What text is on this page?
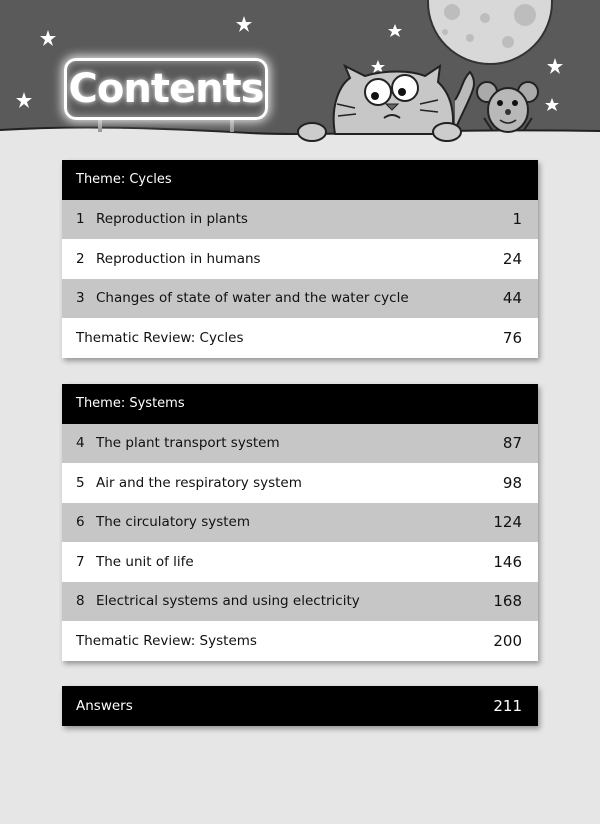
Contents
Theme: Cycles
1 Reproduction in plants	1
2 Reproduction in humans	24
3 Changes of state of water and the water cycle	44
Thematic Review: Cycles	76
Theme: Systems
4 The plant transport system	87
5 Air and the respiratory system	98
6 The circulatory system	124
7 The unit of life	146
8 Electrical systems and using electricity	168
Thematic Review: Systems	200
Answers	211
